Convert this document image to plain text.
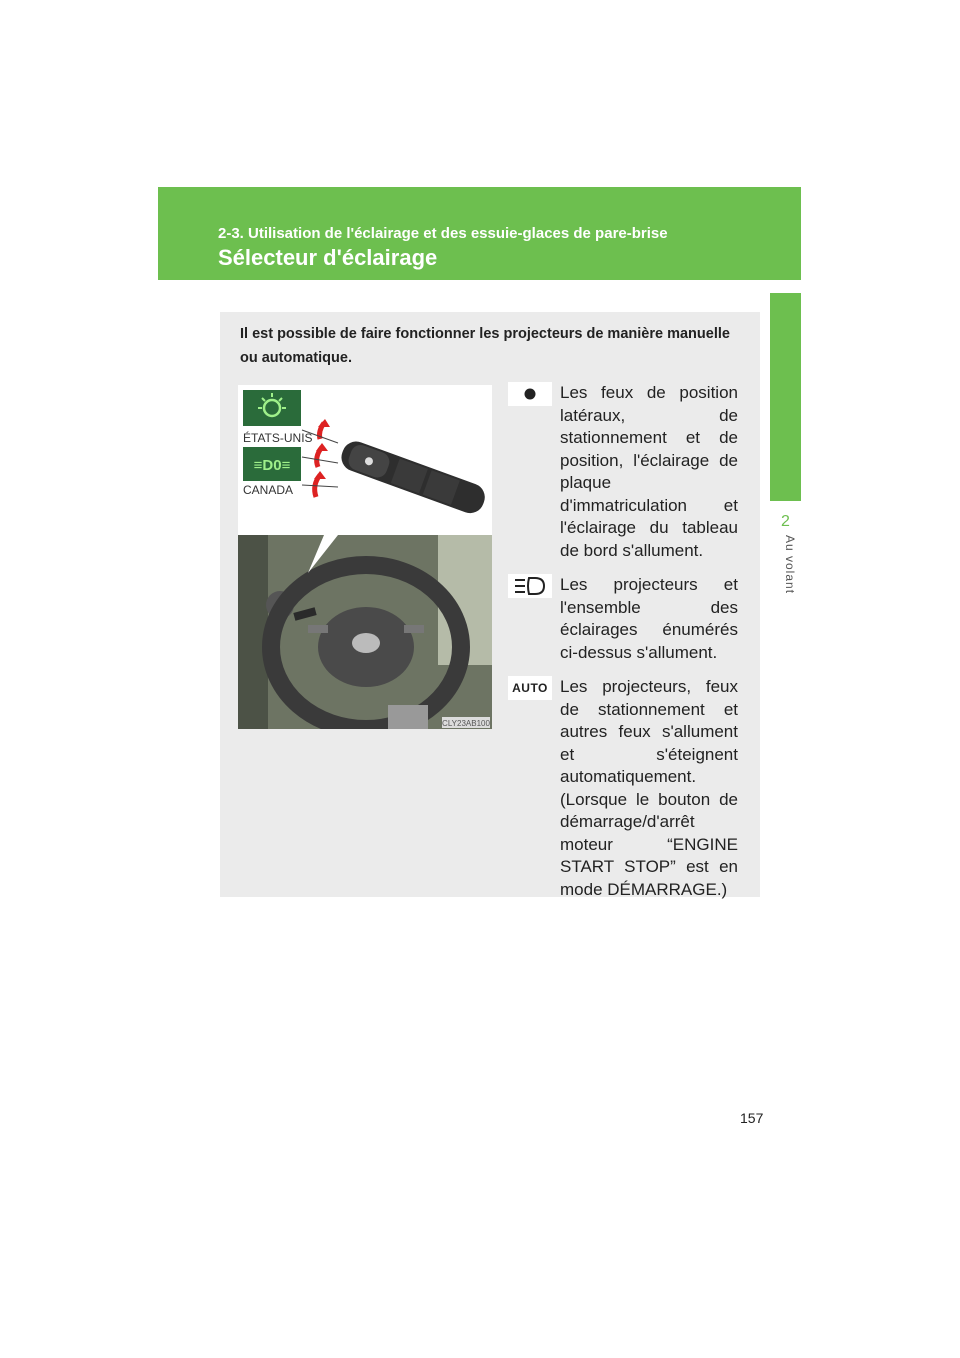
2-3. Utilisation de l'éclairage et des essuie-glaces de pare-brise
Sélecteur d'éclairage
2
Au volant
Il est possible de faire fonctionner les projecteurs de manière manuelle ou automatique.
ÉTATS-UNIS
≡D0≡
CANADA
CLY23AB100
Les feux de position latéraux, de stationnement et de position, l'éclairage de plaque d'immatriculation et l'éclairage du tableau de bord s'allument.
Les projecteurs et l'ensemble des éclairages énumérés ci-dessus s'allument.
AUTO Les projecteurs, feux de stationnement et autres feux s'allument et s'éteignent automatiquement. (Lorsque le bouton de démarrage/d'arrêt moteur “ENGINE START STOP” est en mode DÉMARRAGE.)
157
